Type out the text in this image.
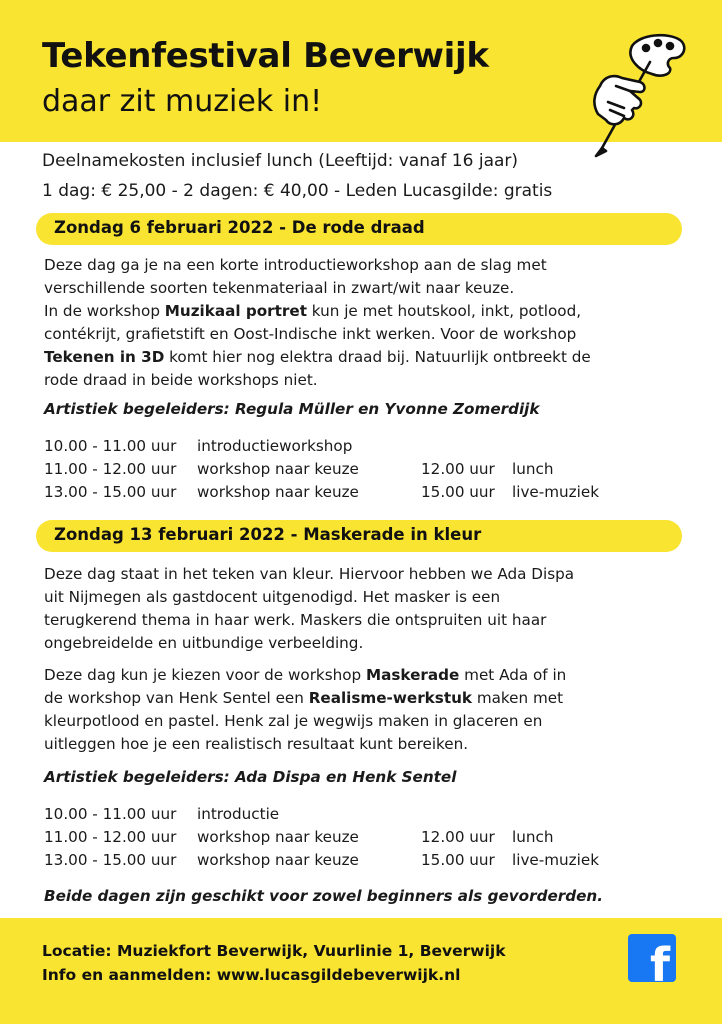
Tekenfestival Beverwijk
daar zit muziek in!
Deelnamekosten inclusief lunch (Leeftijd: vanaf 16 jaar)
1 dag: € 25,00 - 2 dagen: € 40,00 - Leden Lucasgilde: gratis
Zondag 6 februari 2022 - De rode draad
Deze dag ga je na een korte introductieworkshop aan de slag met
verschillende soorten tekenmateriaal in zwart/wit naar keuze.
In de workshop Muzikaal portret kun je met houtskool, inkt, potlood,
contékrijt, grafietstift en Oost-Indische inkt werken. Voor de workshop
Tekenen in 3D komt hier nog elektra draad bij. Natuurlijk ontbreekt de
rode draad in beide workshops niet.
Artistiek begeleiders: Regula Müller en Yvonne Zomerdijk
10.00 - 11.00 uur introductieworkshop
11.00 - 12.00 uur workshop naar keuze	12.00 uur lunch
13.00 - 15.00 uur workshop naar keuze	15.00 uur live-muziek
Zondag 13 februari 2022 - Maskerade in kleur
Deze dag staat in het teken van kleur. Hiervoor hebben we Ada Dispa
uit Nijmegen als gastdocent uitgenodigd. Het masker is een
terugkerend thema in haar werk. Maskers die ontspruiten uit haar
ongebreidelde en uitbundige verbeelding.
Deze dag kun je kiezen voor de workshop Maskerade met Ada of in
de workshop van Henk Sentel een Realisme-werkstuk maken met
kleurpotlood en pastel. Henk zal je wegwijs maken in glaceren en
uitleggen hoe je een realistisch resultaat kunt bereiken.
Artistiek begeleiders: Ada Dispa en Henk Sentel
10.00 - 11.00 uur introductie
11.00 - 12.00 uur workshop naar keuze	12.00 uur lunch
13.00 - 15.00 uur workshop naar keuze	15.00 uur live-muziek
Beide dagen zijn geschikt voor zowel beginners als gevorderden.
Locatie: Muziekfort Beverwijk, Vuurlinie 1, Beverwijk
Info en aanmelden: www.lucasgildebeverwijk.nl	f
